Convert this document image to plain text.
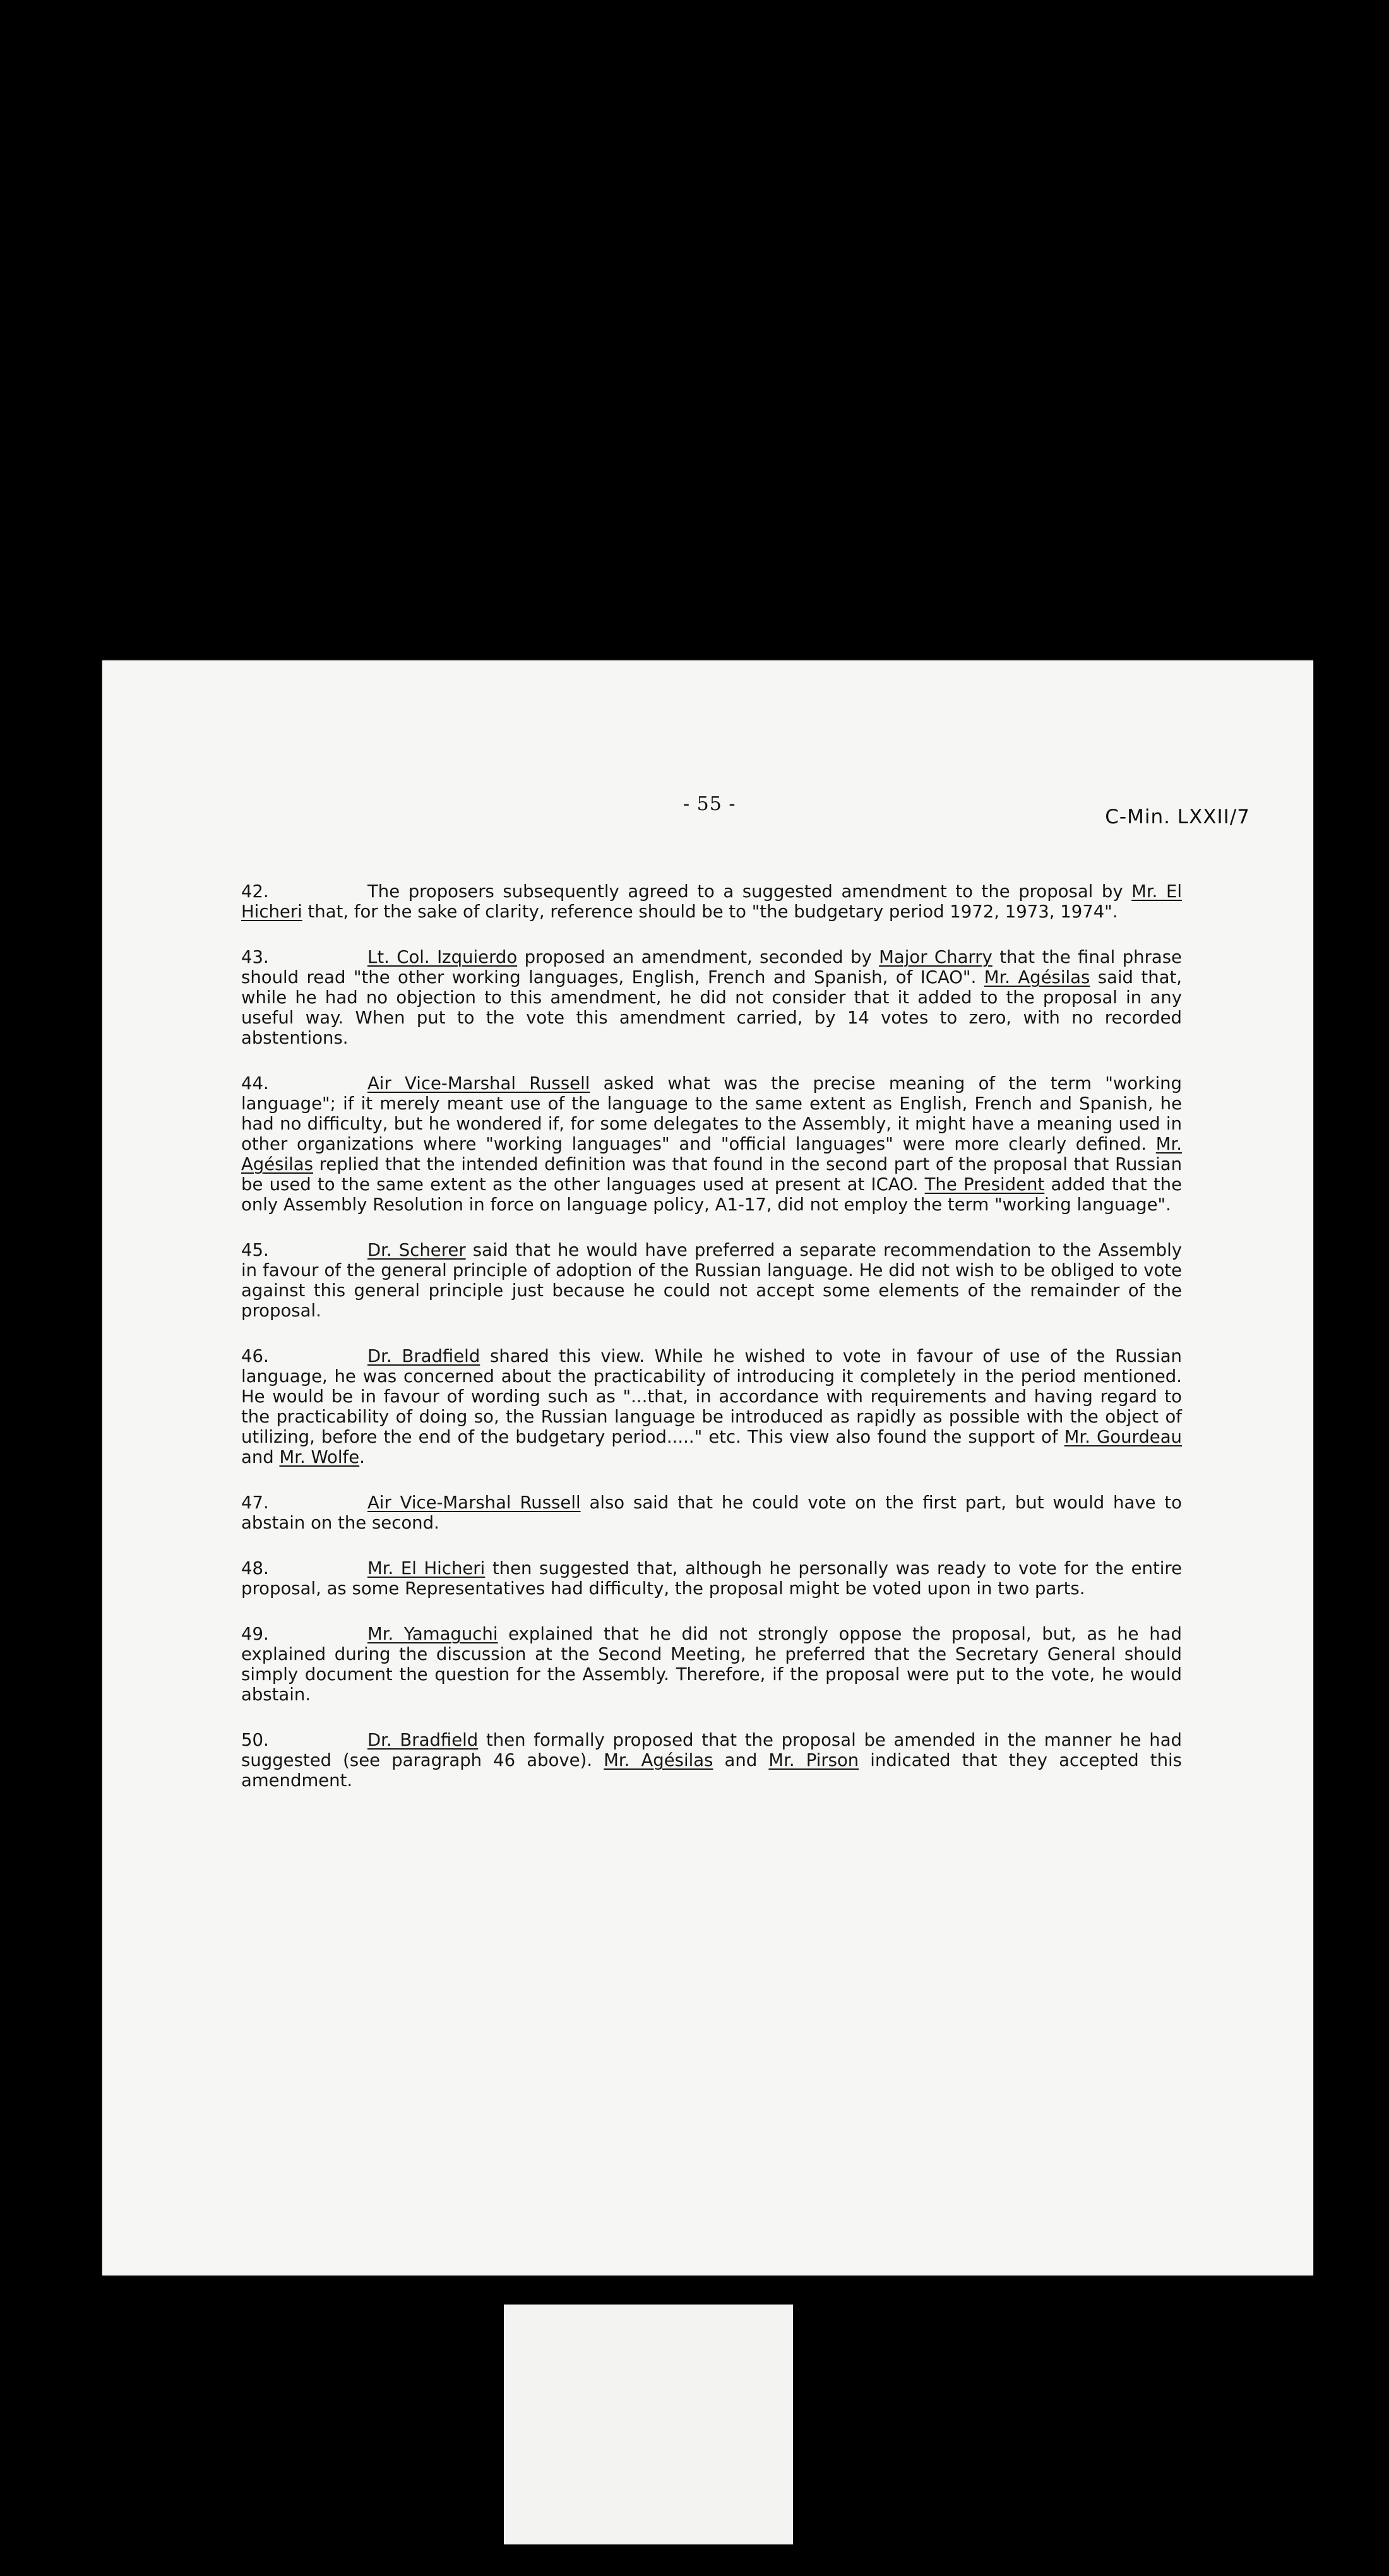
- 55 -
C-Min. LXXII/7

42.	The proposers subsequently agreed to a suggested amendment to the proposal by Mr. El Hicheri that, for the sake of clarity, reference should be to "the budgetary period 1972, 1973, 1974".

43.	Lt. Col. Izquierdo proposed an amendment, seconded by Major Charry that the final phrase should read "the other working languages, English, French and Spanish, of ICAO". Mr. Agésilas said that, while he had no objection to this amendment, he did not consider that it added to the proposal in any useful way. When put to the vote this amendment carried, by 14 votes to zero, with no recorded abstentions.

44.	Air Vice-Marshal Russell asked what was the precise meaning of the term "working language"; if it merely meant use of the language to the same extent as English, French and Spanish, he had no difficulty, but he wondered if, for some delegates to the Assembly, it might have a meaning used in other organizations where "working languages" and "official languages" were more clearly defined. Mr. Agésilas replied that the intended definition was that found in the second part of the proposal that Russian be used to the same extent as the other languages used at present at ICAO. The President added that the only Assembly Resolution in force on language policy, A1-17, did not employ the term "working language".

45.	Dr. Scherer said that he would have preferred a separate recommendation to the Assembly in favour of the general principle of adoption of the Russian language. He did not wish to be obliged to vote against this general principle just because he could not accept some elements of the remainder of the proposal.

46.	Dr. Bradfield shared this view. While he wished to vote in favour of use of the Russian language, he was concerned about the practicability of introducing it completely in the period mentioned. He would be in favour of wording such as "...that, in accordance with requirements and having regard to the practicability of doing so, the Russian language be introduced as rapidly as possible with the object of utilizing, before the end of the budgetary period....." etc. This view also found the support of Mr. Gourdeau and Mr. Wolfe.

47.	Air Vice-Marshal Russell also said that he could vote on the first part, but would have to abstain on the second.

48.	Mr. El Hicheri then suggested that, although he personally was ready to vote for the entire proposal, as some Representatives had difficulty, the proposal might be voted upon in two parts.

49.	Mr. Yamaguchi explained that he did not strongly oppose the proposal, but, as he had explained during the discussion at the Second Meeting, he preferred that the Secretary General should simply document the question for the Assembly. Therefore, if the proposal were put to the vote, he would abstain.

50.	Dr. Bradfield then formally proposed that the proposal be amended in the manner he had suggested (see paragraph 46 above). Mr. Agésilas and Mr. Pirson indicated that they accepted this amendment.
